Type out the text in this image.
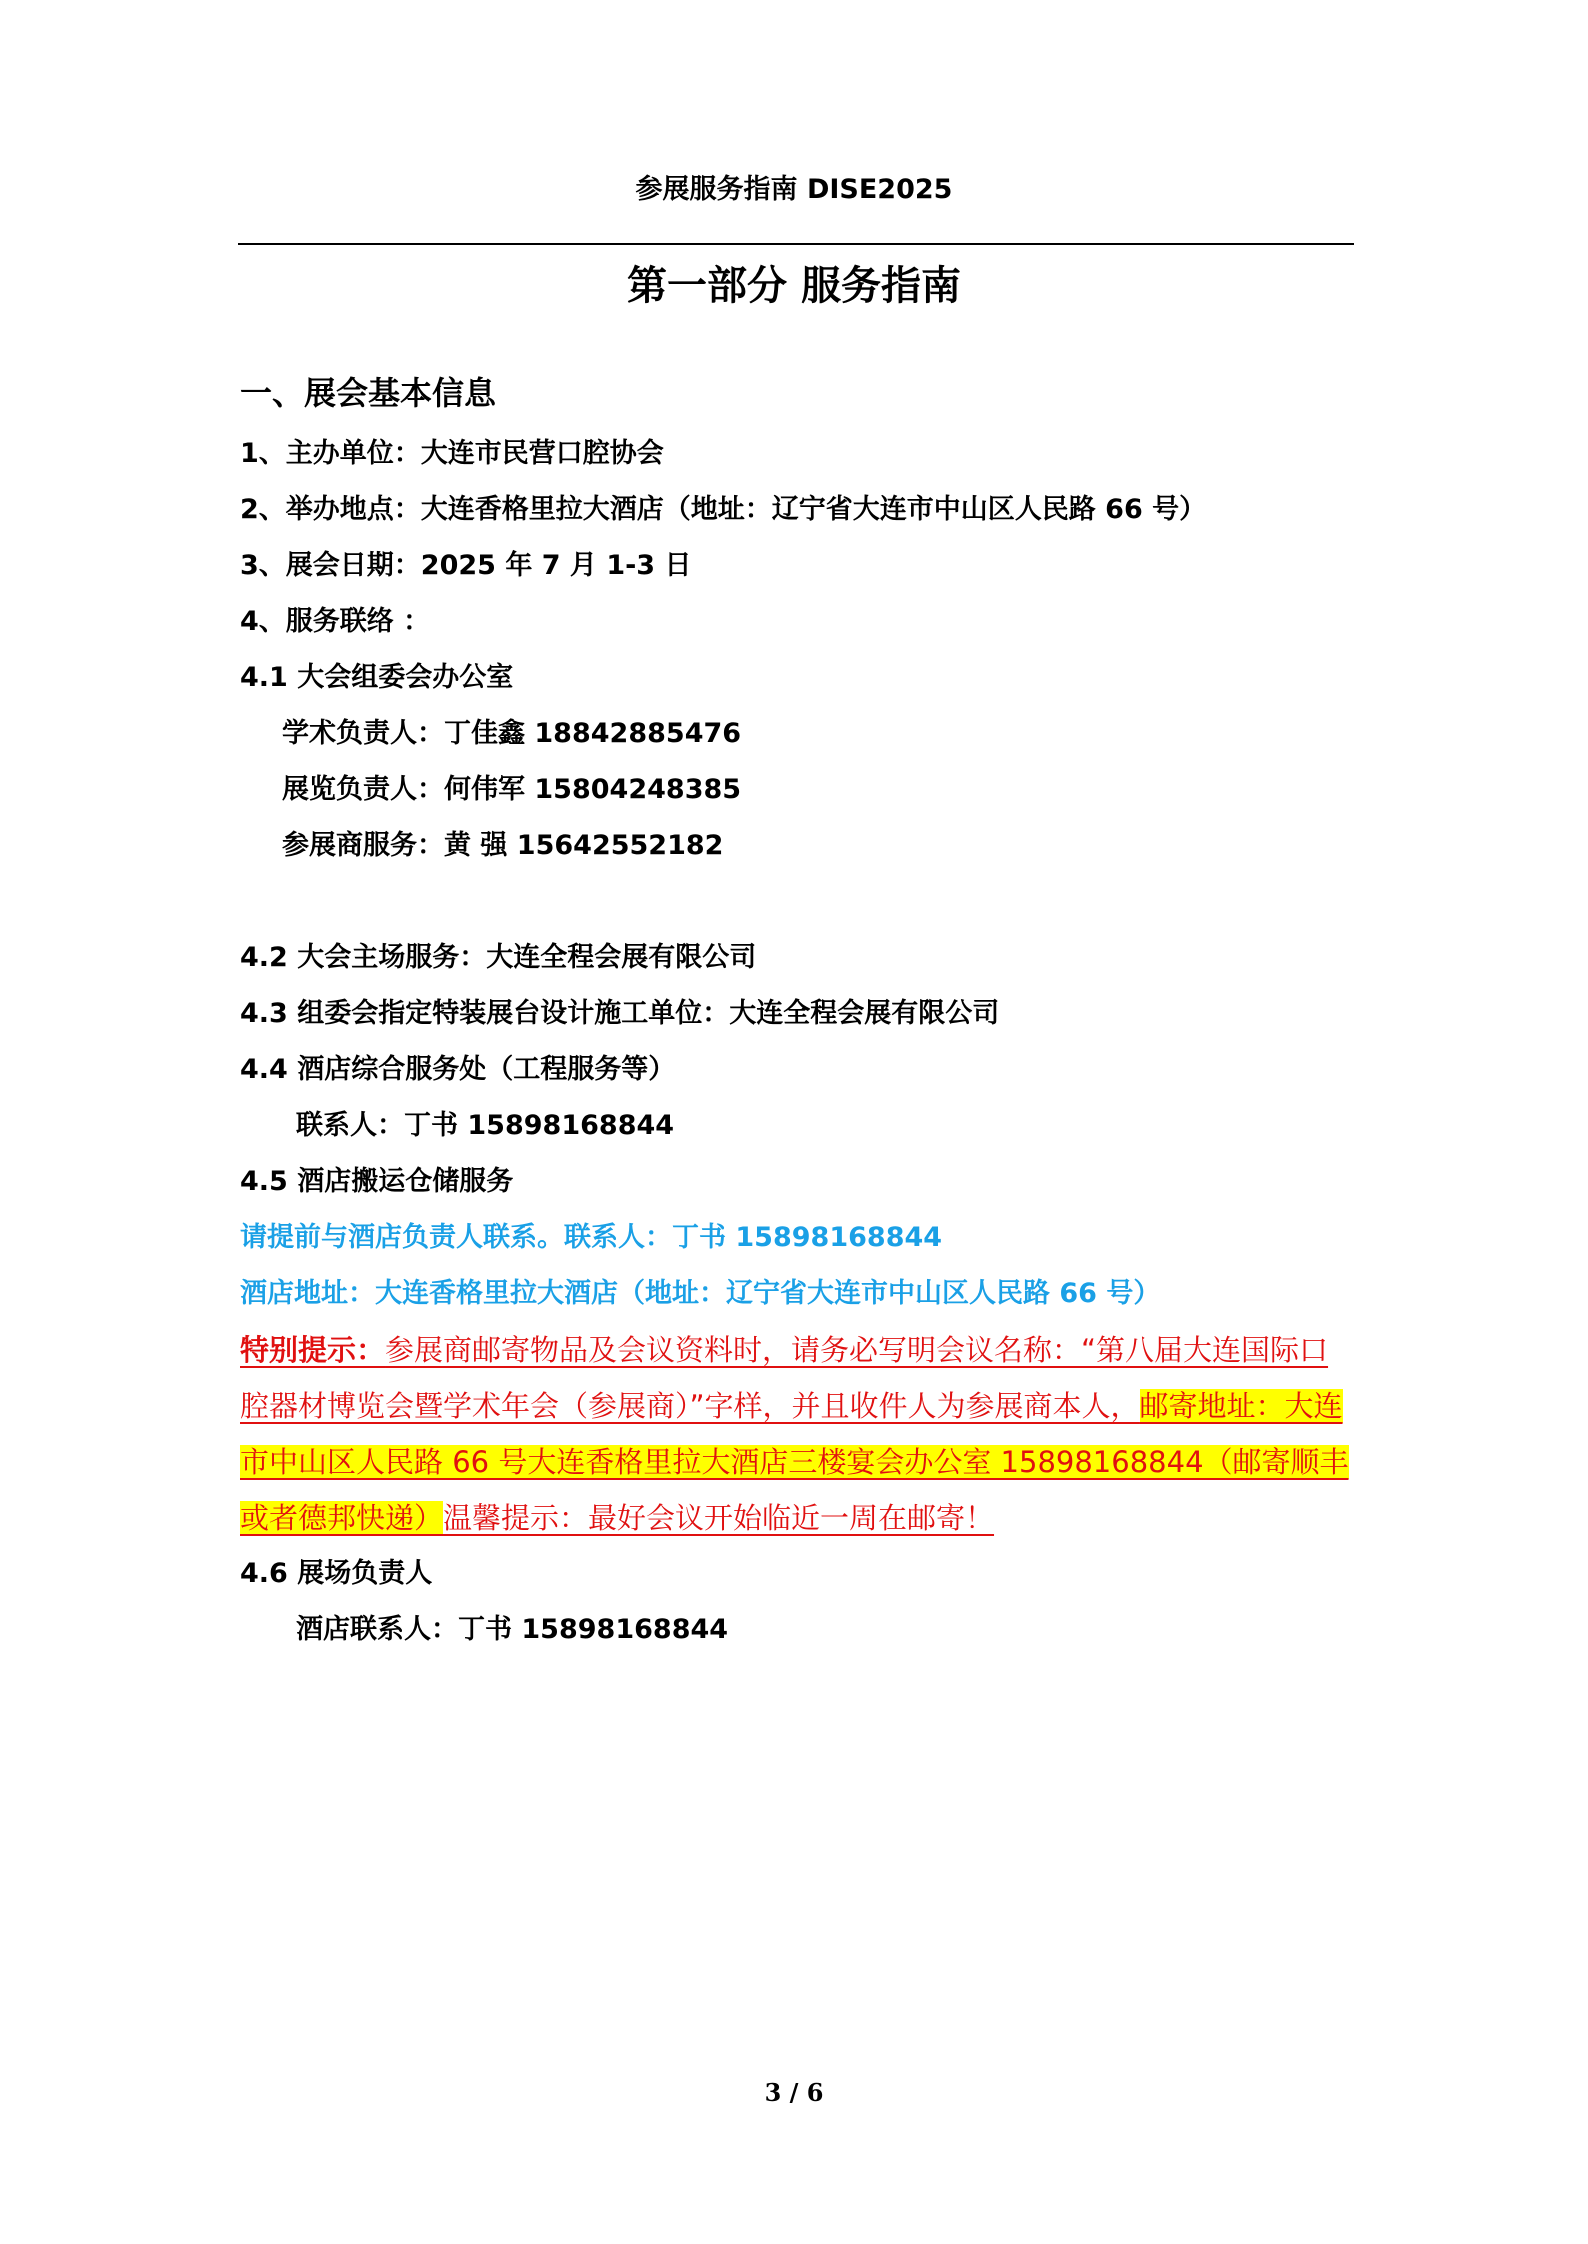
参展服务指南 DISE2025
第一部分 服务指南
一、展会基本信息
1、主办单位：大连市民营口腔协会
2、举办地点：大连香格里拉大酒店（地址：辽宁省大连市中山区人民路 66 号）
3、展会日期：2025 年 7 月 1-3 日
4、服务联络 ：
4.1 大会组委会办公室
学术负责人：丁佳鑫 18842885476
展览负责人：何伟军 15804248385
参展商服务：黄 强 15642552182
4.2 大会主场服务：大连全程会展有限公司
4.3 组委会指定特装展台设计施工单位：大连全程会展有限公司
4.4 酒店综合服务处（工程服务等）
联系人：丁书 15898168844
4.5 酒店搬运仓储服务
请提前与酒店负责人联系。联系人：丁书 15898168844
酒店地址：大连香格里拉大酒店（地址：辽宁省大连市中山区人民路 66 号）
特别提示：参展商邮寄物品及会议资料时，请务必写明会议名称：“第八届大连国际口腔器材博览会暨学术年会（参展商）”字样，并且收件人为参展商本人，邮寄地址：大连市中山区人民路 66 号大连香格里拉大酒店三楼宴会办公室 15898168844（邮寄顺丰或者德邦快递）温馨提示：最好会议开始临近一周在邮寄！
4.6 展场负责人
酒店联系人：丁书 15898168844
3 / 6
